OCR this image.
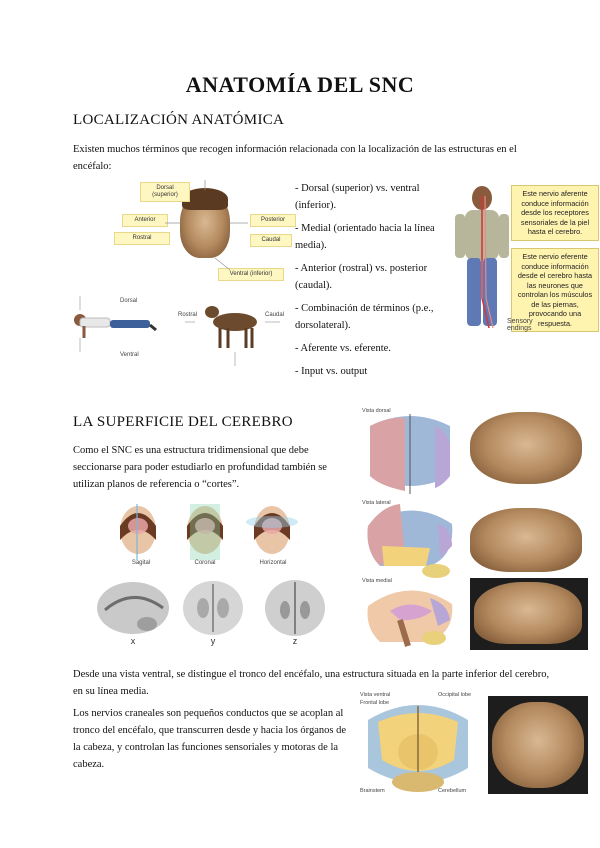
ANATOMÍA DEL SNC
LOCALIZACIÓN ANATÓMICA
Existen muchos términos que recogen información relacionada con la localización de las estructuras en el encéfalo:
Dorsal (superior)
Anterior
Rostral
Posterior
Caudal
Ventral (inferior)
Dorsal
Ventral
Rostral	Caudal
- Dorsal (superior) vs. ventral (inferior).
- Medial (orientado hacia la línea media).
- Anterior (rostral) vs. posterior (caudal).
- Combinación de términos (p.e., dorsolateral).
- Aferente vs. eferente.
- Input vs. output
Este nervio aferente conduce información desde los receptores sensoriales de la piel hasta el cerebro.
Este nervio eferente conduce información desde el cerebro hasta las neurones que controlan los músculos de las piernas, provocando una respuesta.
Sensory endings
LA SUPERFICIE DEL CEREBRO
Como el SNC es una estructura tridimensional que debe seccionarse para poder estudiarlo en profundidad también se utilizan planos de referencia o “cortes”.
Sagital	Coronal	Horizontal
x	y	z
Vista dorsal
Vista lateral
Vista medial
Desde una vista ventral, se distingue el tronco del encéfalo, una estructura situada en la parte inferior del cerebro, en su línea media.
Los nervios craneales son pequeños conductos que se acoplan al tronco del encéfalo, que transcurren desde y hacia los órganos de la cabeza, y controlan las funciones sensoriales y motoras de la cabeza.
Vista ventral
Frontal lobe
Occipital lobe
Brainstem	Cerebellum
